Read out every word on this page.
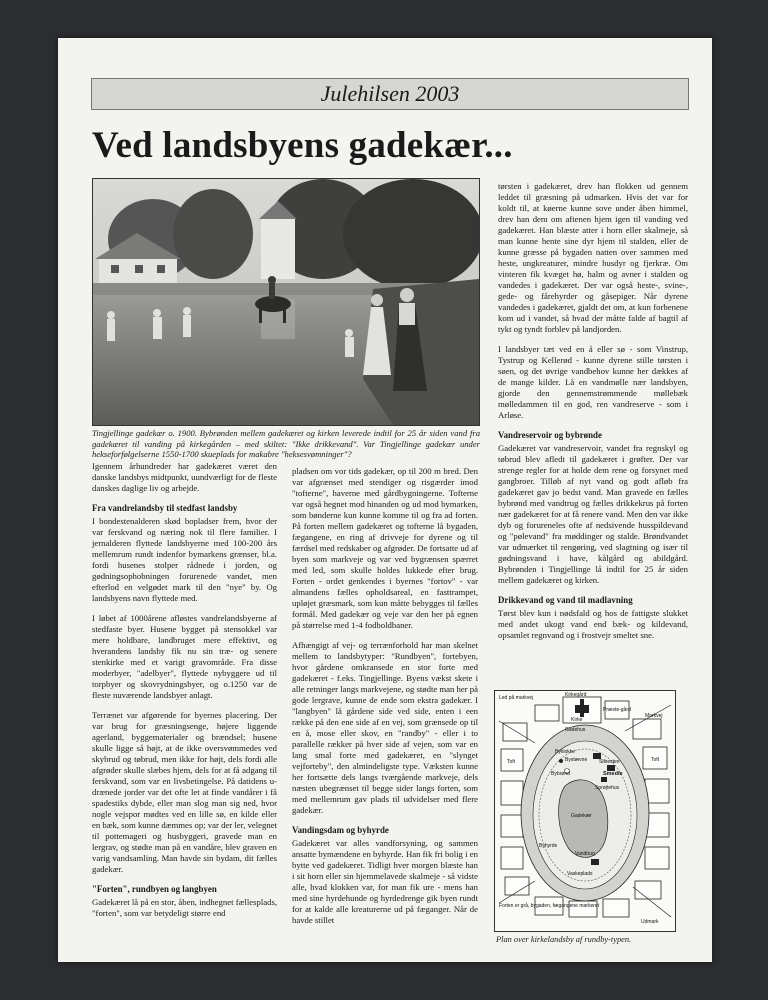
Julehilsen 2003
Ved landsbyens gadekær...
Tingjellinge gadekær o. 1900. Bybrønden mellem gadekæret og kirken leverede indtil for 25 år siden vand fra gadekæret til vanding på kirkegården – med skiltet: "Ikke drikkevand". Var Tingjellinge gadekær under hekseforfølgelserne 1550-1700 skueplads for makabre "heksesvømninger"?

Igennem århundreder har gadekæret været den danske landsbys midtpunkt, uundværligt for de fleste danskes daglige liv og arbejde.

Fra vandrelandsby til stedfast landsby

I bondestenalderen skød bopladser frem, hvor der var ferskvand og næring nok til flere familier. I jernalderen flyttede landsbyerne med 100-200 års mellemrum rundt indenfor bymarkens grænser, bl.a. fordi husenes stolper rådnede i jorden, og gødningsophobningen forurenede vandet, men efterlod en velgødet mark til den "nye" by. Og landsbyens navn flyttede med.

I løbet af 1000årene afløstes vandrelandsbyerne af stedfaste byer. Husene bygget på stensokkel var mere holdbare, landbruget mere effektivt, og hverandens landsby fik nu sin træ- og senere stenkirke med et varigt gravområde. Fra disse moderbyer, "adelbyer", flyttede nybyggere ud til torpbyer og skovrydningsbyer, og o.1250 var de fleste nuværende landsbyer anlagt.

Terrænet var afgørende for byernes placering. Der var brug for græsningsenge, højere liggende agerland, byggematerialer og brændsel; husene skulle ligge så højt, at de ikke oversvømmedes ved skybrud og tøbrud, men ikke for højt, dels fordi alle afgrøder skulle slæbes hjem, dels for at få adgang til ferskvand, som var en livsbetingelse. På datidens u-drænede jorder var det ofte let at finde vandårer i få spadestiks dybde, eller man slog man sig ned, hvor nogle vejspor mødtes ved en lille sø, en kilde eller en bæk, som kunne dæmmes op; var der ler, velegnet til pottemageri og husbyggeri, gravede man en lergrav, og stødte man på en vandåre, blev graven en varig vandsamling. Man havde sin bydam, dit fælles gadekær.

"Forten", rundbyen og langbyen

Gadekæret lå på en stor, åben, indhegnet fællesplads, "forten", som var betydeligt større end

pladsen om vor tids gadekær, op til 200 m bred. Den var afgrænset med stendiger og risgærder imod "tofterne", haverne med gårdbygningerne. Tofterne var også hegnet mod hinanden og ud mod bymarken, som bønderne kun kunne komme til og fra ad forten. På forten mellem gadekæret og tofterne lå bygaden, fægangene, en ring af drivveje for dyrene og til færdsel med redskaber og afgrøder. De fortsatte ud af byen som markveje og var ved bygrænsen spærret med led, som skulle holdes lukkede efter brug. Forten - ordet genkendes i byernes "fortov" - var almandens fælles opholdsareal, en fasttrampet, upløjet græsmark, som kun måtte bebygges til fælles formål. Med gadekær og veje var den her på egnen på størrelse med 1-4 fodboldbaner.

Afhængigt af vej- og terrænforhold har man skelnet mellem to landsbytyper: "Rundbyen", fortebyen, hvor gårdene omkransede en stor forte med gadekæret - f.eks. Tingjellinge. Byens vækst skete i alle retninger langs markvejene, og stødte man her på gode lergrave, kunne de ende som ekstra gadekær. I "langbyen" lå gårdene side ved side, enten i een række på den ene side af en vej, som grænsede op til en å, mose eller skov, en "randby" - eller i to parallelle rækker på hver side af vejen, som var en lang smal forte med gadekæret, en "slynget vejforteby", den almindeligste type. Væksten kunne her fortsætte dels langs tværgående markveje, dels næsten ubegrænset til begge sider langs forten, som med mellemrum gav plads til udvidelser med flere gadekær.

Vandingsdam og byhyrde

Gadekæret var alles vandforsyning, og sammen ansatte bymændene en byhyrde. Han fik fri bolig i en bytte ved gadekæret. Tidligt hver morgen blæste han i sit horn eller sin hjemmelavede skalmeje - så vidste alle, hvad klokken var, for man fik ure - mens han med sine hyrdehunde og hyrdedrenge gik byen rundt for at kalde alle kreaturerne ud på fæganger. Når de havde stillet

tørsten i gadekæret, drev han flokken ud gennem leddet til græsning på udmarken. Hvis det var for koldt til, at køerne kunne sove under åben himmel, drev han dem om aftenen hjem igen til vanding ved gadekæret. Han blæste atter i horn eller skalmeje, så man kunne hente sine dyr hjem til stalden, eller de kunne græsse på bygaden natten over sammen med heste, ungkreaturer, mindre husdyr og fjerkræ. Om vinteren fik kvæget hø, halm og avner i stalden og vandedes i gadekæret. Der var også heste-, svine-, gede- og fårehyrder og gåsepiger. Når dyrene vandedes i gadekæret, gjaldt det om, at kun forbenene kom ud i vandet, så hvad der måtte falde af bagtil af tykt og tyndt forblev på landjorden.

I landsbyer tæt ved en å eller sø - som Vinstrup, Tystrup og Kellerød - kunne dyrene stille tørsten i søen, og det øvrige vandbehov kunne her dækkes af de mange kilder. Lå en vandmølle nær landsbyen, gjorde den gennemstrømmende møllebæk mølledammen til en god, ren vandreserve - som i Arløse.

Vandreservoir og bybrønde

Gadekæret var vandreservoir, vandet fra regnskyl og tøbrud blev afledt til gadekæret i grøfter. Der var strenge regler for at holde dem rene og forsynet med gangbroer. Tilløb af nyt vand og godt afløb fra gadekæret gav jo bedst vand. Man gravede en fælles bybrønd med vandtrug og fælles drikkekrus på forten nær gadekæret for at få renere vand. Men den var ikke dyb og forureneles ofte af nedsivende husspildevand og "pølevand" fra møddinger og stalde. Brøndvandet var udmærket til rengøring, ved slagtning og især til gødningsvand i have, kålgård og abildgård. Bybrønden i Tingjellinge lå indtil for 25 år siden mellem gadekæret og kirken.

Drikkevand og vand til madlavning

Tørst blev kun i nødsfald og hos de fattigste slukket med andet ukogt vand end bæk- og kildevand, opsamlet regnvand og i frostvejr smeltet sne.

Kirkegård
Kirke
Præste-gård
Gadehus
Markvej
Toft	Toft
Byklokke
Bystævne
Bybrønd
Slibesten
Smedie
Sprøjtehus
Gadekær
Byhyrde
Vandtrug
Vaskeplads
Led på markvej
Forten er grå, bygaden, fægangene markeret
Udmark
Plan over kirkelandsby af rundby-typen.
